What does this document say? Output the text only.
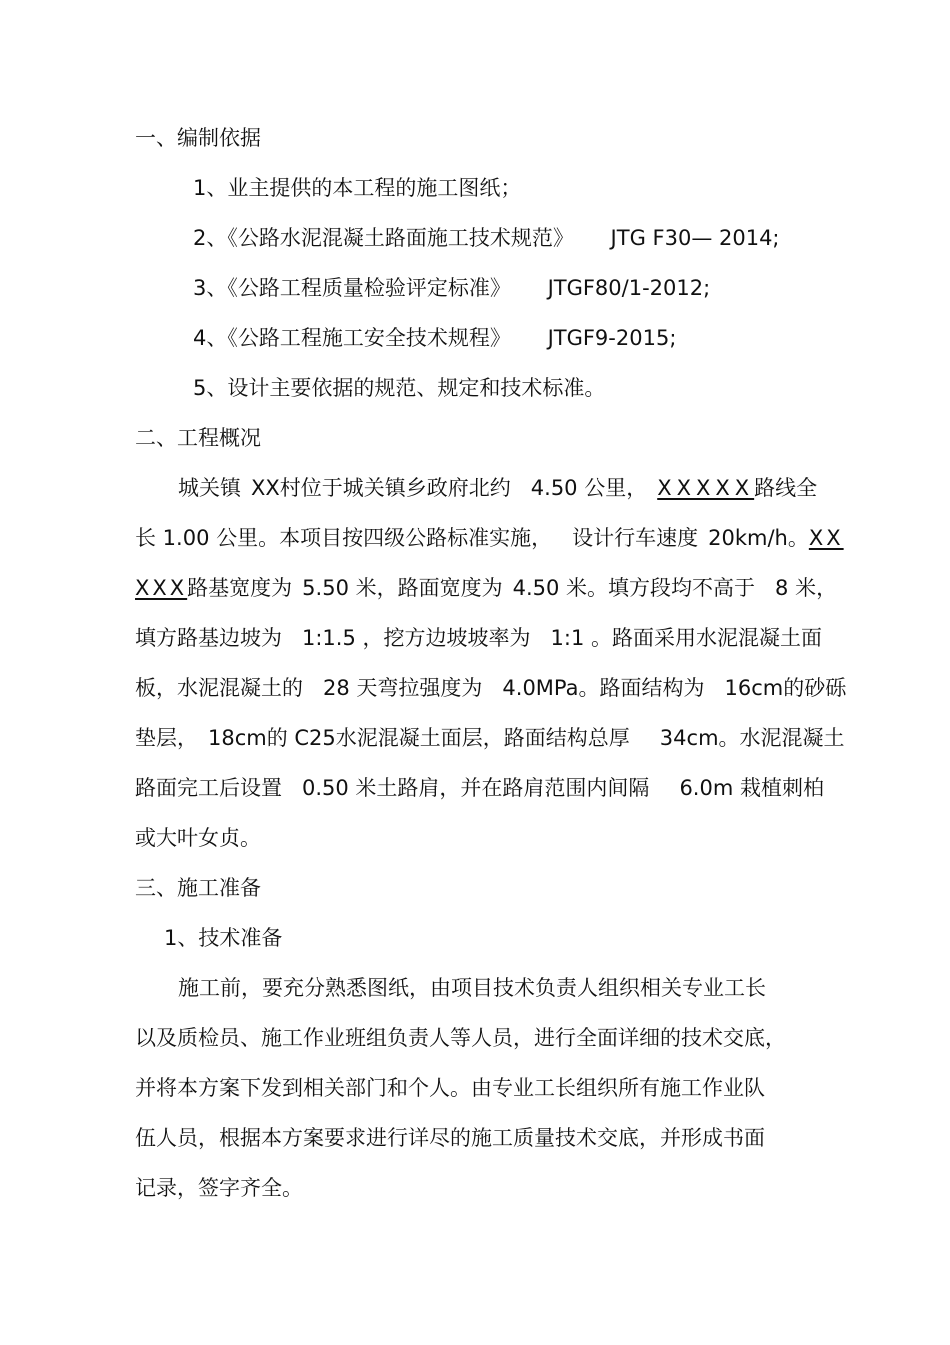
一、编制依据
1、业主提供的本工程的施工图纸；
2、《公路水泥混凝土路面施工技术规范》 JTG F30— 2014;
3、《公路工程质量检验评定标准》 JTGF80/1-2012;
4、《公路工程施工安全技术规程》 JTGF9-2015;
5、设计主要依据的规范、规定和技术标准。
二、工程概况
城关镇 XX村位于城关镇乡政府北约 4.50 公里， XXXXX路线全
长 1.00 公里。本项目按四级公路标准实施， 设计行车速度 20km/h。XX
XXX路基宽度为 5.50 米，路面宽度为 4.50 米。填方段均不高于 8 米，
填方路基边坡为 1:1.5 ，挖方边坡坡率为 1:1 。路面采用水泥混凝土面
板，水泥混凝土的 28 天弯拉强度为 4.0MPa。路面结构为 16cm的砂砾
垫层， 18cm的 C25水泥混凝土面层，路面结构总厚 34cm。水泥混凝土
路面完工后设置 0.50 米土路肩，并在路肩范围内间隔 6.0m 栽植刺柏
或大叶女贞。
三、施工准备
1、技术准备
施工前，要充分熟悉图纸，由项目技术负责人组织相关专业工长
以及质检员、施工作业班组负责人等人员，进行全面详细的技术交底，
并将本方案下发到相关部门和个人。由专业工长组织所有施工作业队
伍人员，根据本方案要求进行详尽的施工质量技术交底，并形成书面
记录，签字齐全。
